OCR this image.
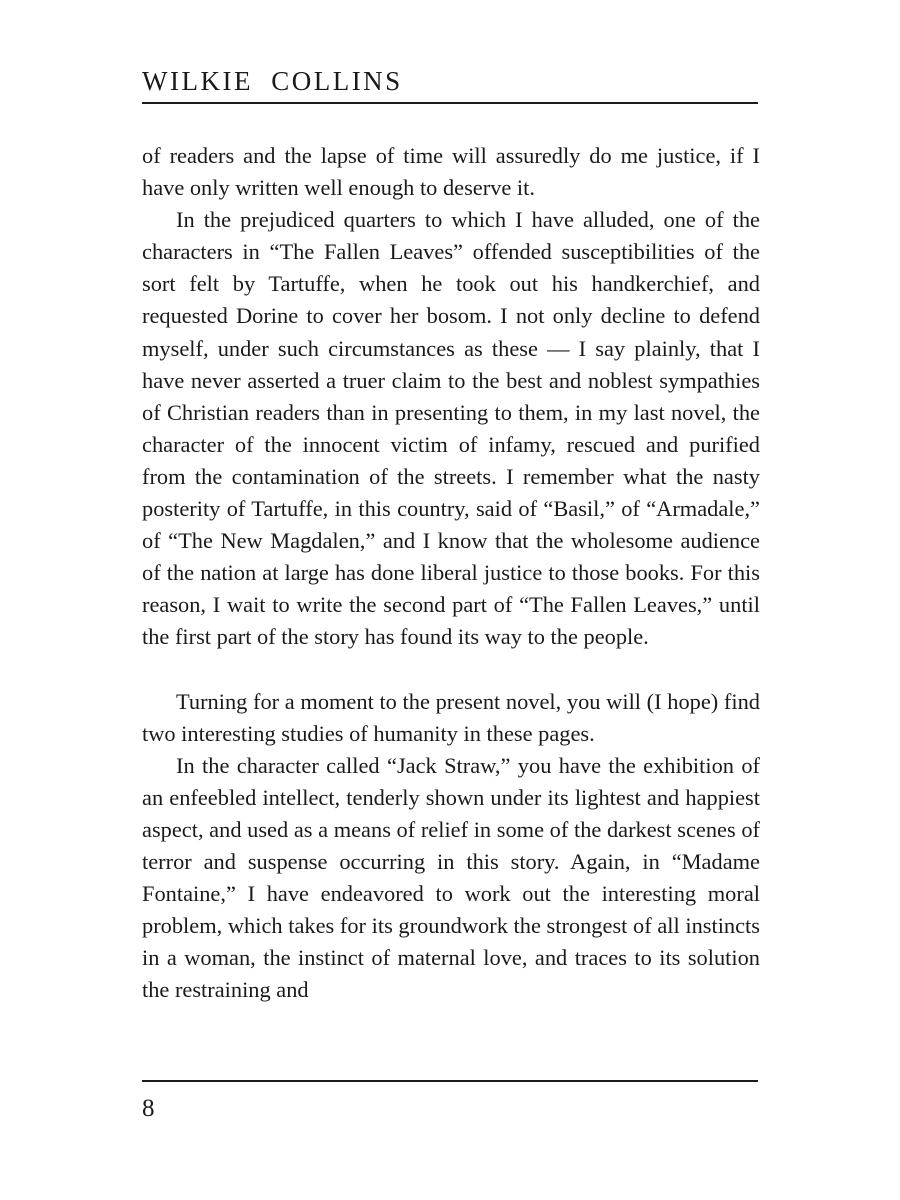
WILKIE COLLINS

of readers and the lapse of time will assuredly do me justice, if I have only written well enough to deserve it.

In the prejudiced quarters to which I have alluded, one of the characters in “The Fallen Leaves” offended susceptibilities of the sort felt by Tartuffe, when he took out his handkerchief, and requested Dorine to cover her bosom. I not only decline to defend myself, under such circumstances as these — I say plainly, that I have never asserted a truer claim to the best and noblest sympathies of Christian readers than in presenting to them, in my last novel, the character of the innocent victim of infamy, rescued and purified from the contamination of the streets. I remember what the nasty posterity of Tartuffe, in this country, said of “Basil,” of “Armadale,” of “The New Magdalen,” and I know that the wholesome audience of the nation at large has done liberal justice to those books. For this reason, I wait to write the second part of “The Fallen Leaves,” until the first part of the story has found its way to the people.

Turning for a moment to the present novel, you will (I hope) find two interesting studies of humanity in these pages.

In the character called “Jack Straw,” you have the exhibition of an enfeebled intellect, tenderly shown under its lightest and happiest aspect, and used as a means of relief in some of the darkest scenes of terror and suspense occurring in this story. Again, in “Madame Fontaine,” I have endeavored to work out the interesting moral problem, which takes for its groundwork the strongest of all instincts in a woman, the instinct of maternal love, and traces to its solution the restraining and

8
